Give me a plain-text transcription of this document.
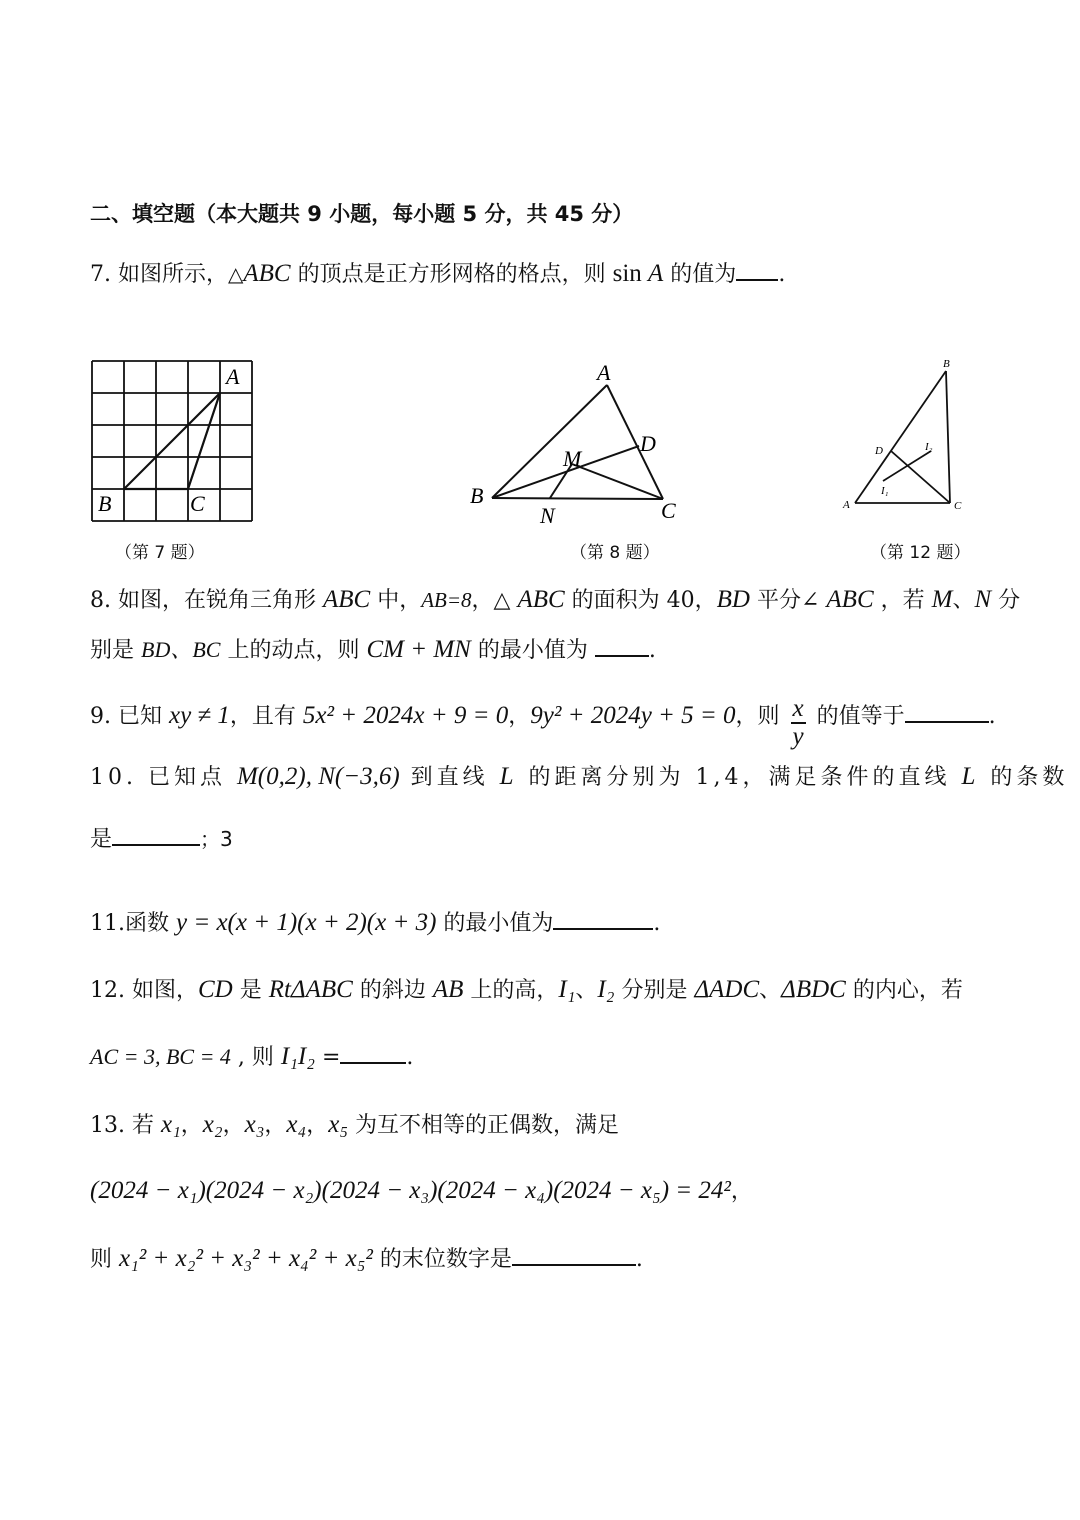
二、填空题（本大题共 9 小题，每小题 5 分，共 45 分）
7. 如图所示，△ABC 的顶点是正方形网格的格点，则 sin A 的值为 .
A
B	C
（第 7 题）
A
B
C
D
M
N
（第 8 题）
A
B
C
D
I₁
I₂
（第 12 题）
8. 如图，在锐角三角形 ABC 中，AB=8，△ ABC 的面积为 40，BD 平分∠ ABC ，若 M、N 分
别是 BD、BC 上的动点，则 CM + MN 的最小值为 .
9. 已知 xy ≠ 1，且有 5x² + 2024x + 9 = 0，9y² + 2024y + 5 = 0，则 $\frac{x}{y}$ 的值等于	.
10. 已知点 M(0,2), N(−3,6) 到直线 L 的距离分别为 1,4，满足条件的直线 L 的条数
是	；3
11.函数 y = x(x + 1)(x + 2)(x + 3) 的最小值为	.
12. 如图，CD 是 RtΔABC 的斜边 AB 上的高，I₁、I₂ 分别是 ΔADC、ΔBDC 的内心，若
AC = 3, BC = 4 , 则 I₁I₂ =	.
13. 若 x₁，x₂，x₃，x₄，x₅ 为互不相等的正偶数，满足
(2024 − x₁)(2024 − x₂)(2024 − x₃)(2024 − x₄)(2024 − x₅) = 24²，
则 x₁² + x₂² + x₃² + x₄² + x₅² 的末位数字是	.
